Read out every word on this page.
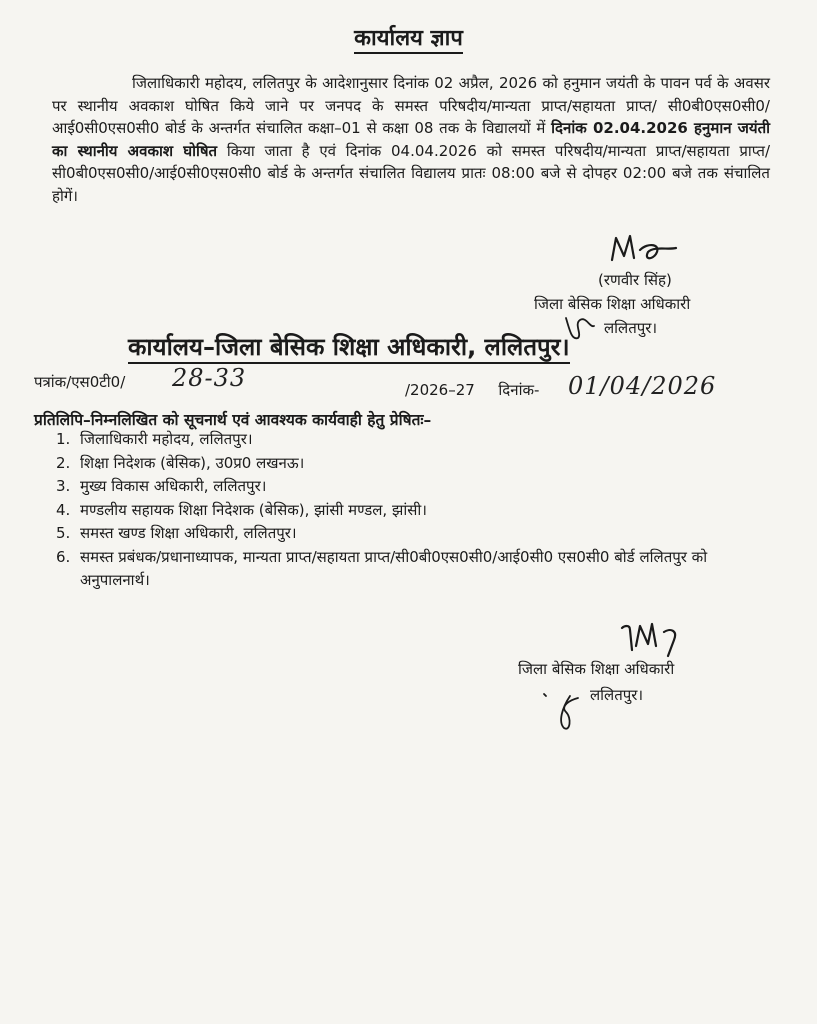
कार्यालय ज्ञाप
जिलाधिकारी महोदय, ललितपुर के आदेशानुसार दिनांक 02 अप्रैल, 2026 को हनुमान जयंती के पावन पर्व के अवसर पर स्थानीय अवकाश घोषित किये जाने पर जनपद के समस्त परिषदीय/मान्यता प्राप्त/सहायता प्राप्त/ सी0बी0एस0सी0/आई0सी0एस0सी0 बोर्ड के अन्तर्गत संचालित कक्षा–01 से कक्षा 08 तक के विद्यालयों में दिनांक 02.04.2026 हनुमान जयंती का स्थानीय अवकाश घोषित किया जाता है एवं दिनांक 04.04.2026 को समस्त परिषदीय/मान्यता प्राप्त/सहायता प्राप्त/सी0बी0एस0सी0/आई0सी0एस0सी0 बोर्ड के अन्तर्गत संचालित विद्यालय प्रातः 08:00 बजे से दोपहर 02:00 बजे तक संचालित होगें।
(रणवीर सिंह)
जिला बेसिक शिक्षा अधिकारी
ललितपुर।
कार्यालय–जिला बेसिक शिक्षा अधिकारी, ललितपुर।
पत्रांक/एस0टी0/ 28-33	/2026–27 दिनांक- 01/04/2026
प्रतिलिपि–निम्नलिखित को सूचनार्थ एवं आवश्यक कार्यवाही हेतु प्रेषितः–
1. जिलाधिकारी महोदय, ललितपुर।
2. शिक्षा निदेशक (बेसिक), उ0प्र0 लखनऊ।
3. मुख्य विकास अधिकारी, ललितपुर।
4. मण्डलीय सहायक शिक्षा निदेशक (बेसिक), झांसी मण्डल, झांसी।
5. समस्त खण्ड शिक्षा अधिकारी, ललितपुर।
6. समस्त प्रबंधक/प्रधानाध्यापक, मान्यता प्राप्त/सहायता प्राप्त/सी0बी0एस0सी0/आई0सी0 एस0सी0 बोर्ड ललितपुर को अनुपालनार्थ।
जिला बेसिक शिक्षा अधिकारी
ललितपुर।
